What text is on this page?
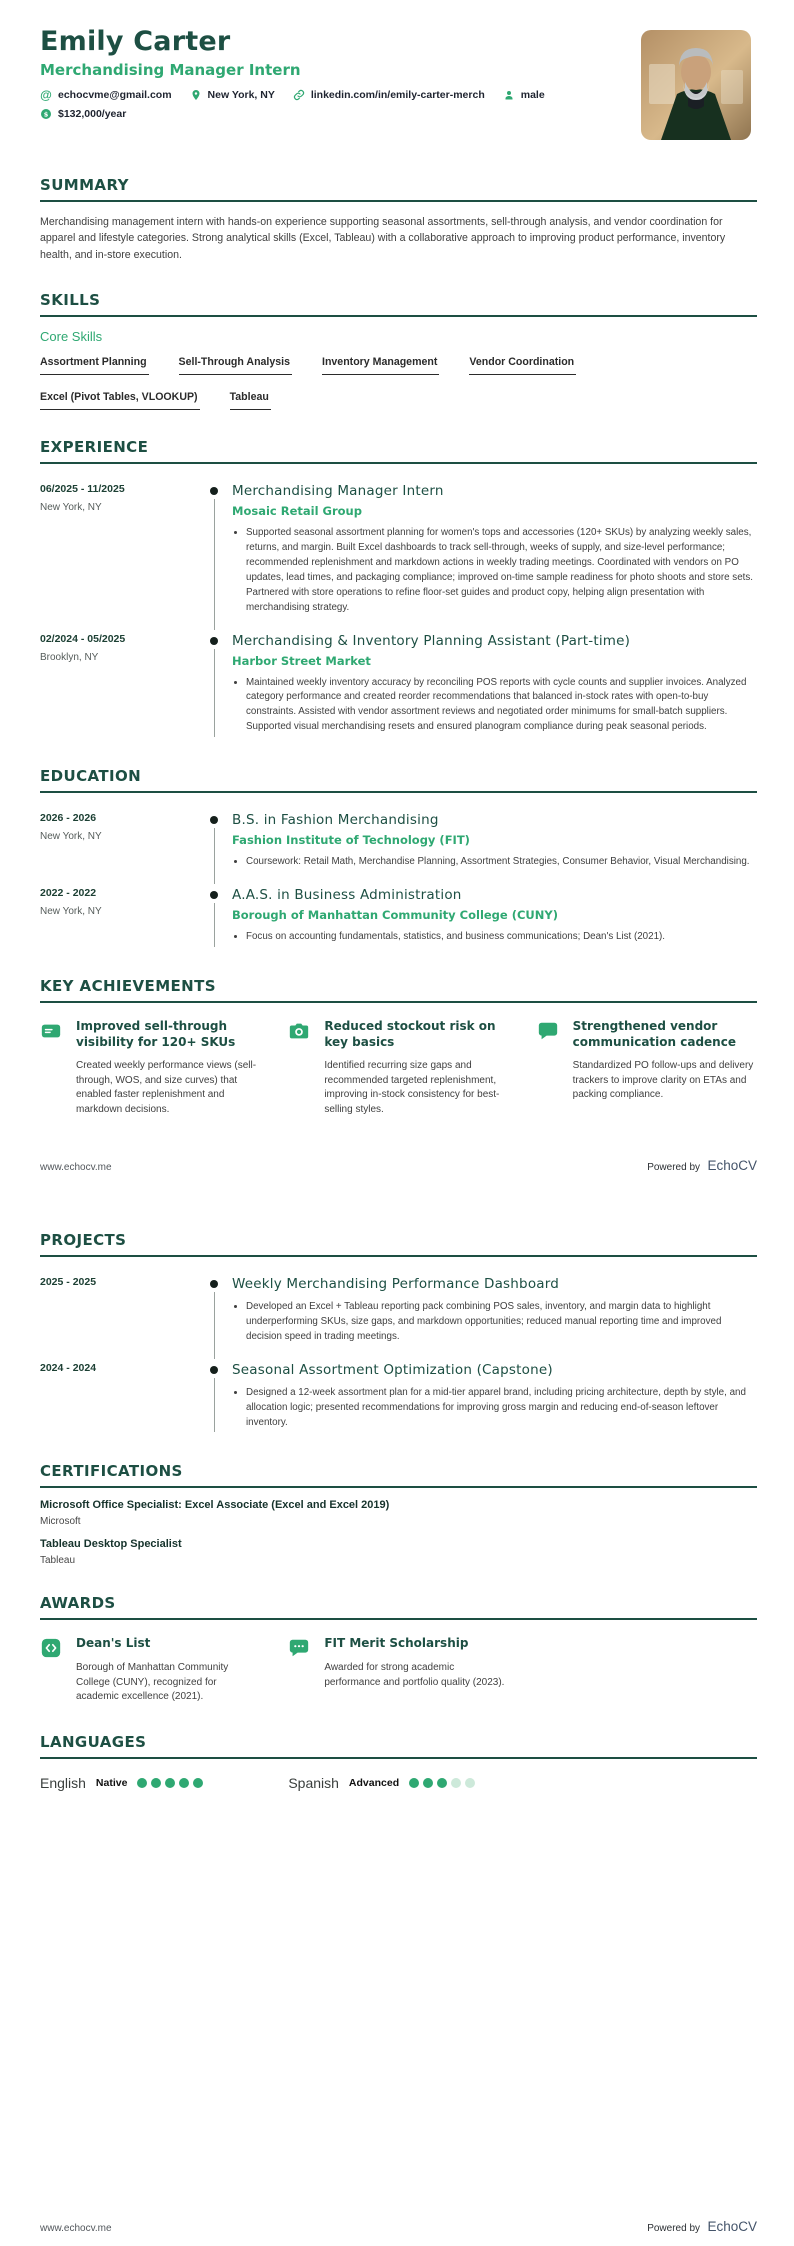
Emily Carter
Merchandising Manager Intern
@ echocvme@gmail.com	New York, NY	linkedin.com/in/emily-carter-merch	male
$ $132,000/year
SUMMARY

Merchandising management intern with hands-on experience supporting seasonal assortments, sell-through analysis, and vendor coordination for apparel and lifestyle categories. Strong analytical skills (Excel, Tableau) with a collaborative approach to improving product performance, inventory health, and in-store execution.

SKILLS
Core Skills
Assortment Planning	Sell-Through Analysis	Inventory Management	Vendor Coordination
Excel (Pivot Tables, VLOOKUP)	Tableau
EXPERIENCE
06/2025 - 11/2025
New York, NY
Merchandising Manager Intern
Mosaic Retail Group
• Supported seasonal assortment planning for women's tops and accessories (120+ SKUs) by analyzing weekly sales, returns, and margin. Built Excel dashboards to track sell-through, weeks of supply, and size-level performance; recommended replenishment and markdown actions in weekly trading meetings. Coordinated with vendors on PO updates, lead times, and packaging compliance; improved on-time sample readiness for photo shoots and store sets. Partnered with store operations to refine floor-set guides and product copy, helping align presentation with merchandising strategy.
02/2024 - 05/2025
Brooklyn, NY
Merchandising & Inventory Planning Assistant (Part-time)
Harbor Street Market
• Maintained weekly inventory accuracy by reconciling POS reports with cycle counts and supplier invoices. Analyzed category performance and created reorder recommendations that balanced in-stock rates with open-to-buy constraints. Assisted with vendor assortment reviews and negotiated order minimums for small-batch suppliers. Supported visual merchandising resets and ensured planogram compliance during peak seasonal periods.
EDUCATION
2026 - 2026
New York, NY
B.S. in Fashion Merchandising
Fashion Institute of Technology (FIT)
• Coursework: Retail Math, Merchandise Planning, Assortment Strategies, Consumer Behavior, Visual Merchandising.
2022 - 2022
New York, NY
A.A.S. in Business Administration
Borough of Manhattan Community College (CUNY)
• Focus on accounting fundamentals, statistics, and business communications; Dean's List (2021).
KEY ACHIEVEMENTS
Improved sell-through visibility for 120+ SKUs
Created weekly performance views (sell-through, WOS, and size curves) that enabled faster replenishment and markdown decisions.
Reduced stockout risk on key basics
Identified recurring size gaps and recommended targeted replenishment, improving in-stock consistency for best-selling styles.
Strengthened vendor communication cadence
Standardized PO follow-ups and delivery trackers to improve clarity on ETAs and packing compliance.
www.echocv.me	Powered by EchoCV
PROJECTS
2025 - 2025	Weekly Merchandising Performance Dashboard
• Developed an Excel + Tableau reporting pack combining POS sales, inventory, and margin data to highlight underperforming SKUs, size gaps, and markdown opportunities; reduced manual reporting time and improved decision speed in trading meetings.
2024 - 2024	Seasonal Assortment Optimization (Capstone)
• Designed a 12-week assortment plan for a mid-tier apparel brand, including pricing architecture, depth by style, and allocation logic; presented recommendations for improving gross margin and reducing end-of-season leftover inventory.
CERTIFICATIONS
Microsoft Office Specialist: Excel Associate (Excel and Excel 2019)
Microsoft
Tableau Desktop Specialist
Tableau
AWARDS
Dean's List
Borough of Manhattan Community College (CUNY), recognized for academic excellence (2021).
FIT Merit Scholarship
Awarded for strong academic performance and portfolio quality (2023).
LANGUAGES
English Native	Spanish Advanced
www.echocv.me	Powered by EchoCV
